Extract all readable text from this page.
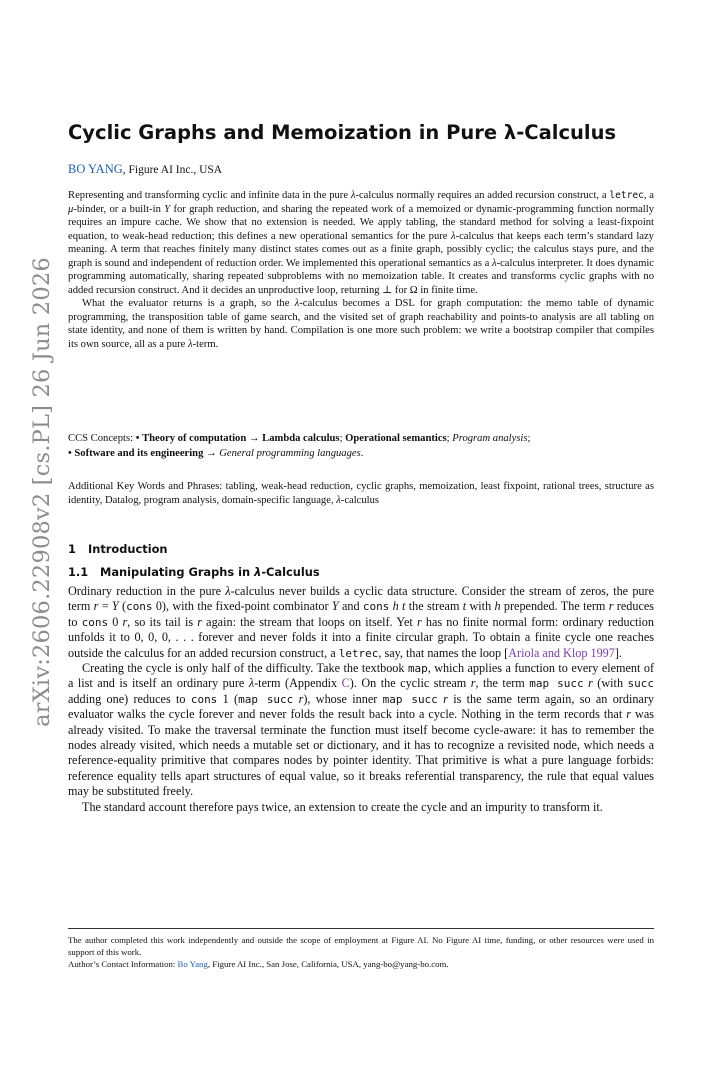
arXiv:2606.22908v2 [cs.PL] 26 Jun 2026
Cyclic Graphs and Memoization in Pure λ-Calculus
BO YANG, Figure AI Inc., USA

Representing and transforming cyclic and infinite data in the pure λ-calculus normally requires an added recursion construct, a letrec, a μ-binder, or a built-in Y for graph reduction, and sharing the repeated work of a memoized or dynamic-programming function normally requires an impure cache. We show that no extension is needed. We apply tabling, the standard method for solving a least-fixpoint equation, to weak-head reduction; this defines a new operational semantics for the pure λ-calculus that keeps each term’s standard lazy meaning. A term that reaches finitely many distinct states comes out as a finite graph, possibly cyclic; the calculus stays pure, and the graph is sound and independent of reduction order. We implemented this operational semantics as a λ-calculus interpreter. It does dynamic programming automatically, sharing repeated subproblems with no memoization table. It creates and transforms cyclic graphs with no added recursion construct. And it decides an unproductive loop, returning ⊥ for Ω in finite time.

What the evaluator returns is a graph, so the λ-calculus becomes a DSL for graph computation: the memo table of dynamic programming, the transposition table of game search, and the visited set of graph reachability and points-to analysis are all tabling on state identity, and none of them is written by hand. Compilation is one more such problem: we write a bootstrap compiler that compiles its own source, all as a pure λ-term.

CCS Concepts: • Theory of computation → Lambda calculus; Operational semantics; Program analysis;
• Software and its engineering → General programming languages.
Additional Key Words and Phrases: tabling, weak-head reduction, cyclic graphs, memoization, least fixpoint, rational trees, structure as identity, Datalog, program analysis, domain-specific language, λ-calculus
1 Introduction
1.1 Manipulating Graphs in λ-Calculus

Ordinary reduction in the pure λ-calculus never builds a cyclic data structure. Consider the stream of zeros, the pure term r = Y (cons 0), with the fixed-point combinator Y and cons h t the stream t with h prepended. The term r reduces to cons 0 r, so its tail is r again: the stream that loops on itself. Yet r has no finite normal form: ordinary reduction unfolds it to 0, 0, 0, . . . forever and never folds it into a finite circular graph. To obtain a finite cycle one reaches outside the calculus for an added recursion construct, a letrec, say, that names the loop [Ariola and Klop 1997].

Creating the cycle is only half of the difficulty. Take the textbook map, which applies a function to every element of a list and is itself an ordinary pure λ-term (Appendix C). On the cyclic stream r, the term map succ r (with succ adding one) reduces to cons 1 (map succ r), whose inner map succ r is the same term again, so an ordinary evaluator walks the cycle forever and never folds the result back into a cycle. Nothing in the term records that r was already visited. To make the traversal terminate the function must itself become cycle-aware: it has to remember the nodes already visited, which needs a mutable set or dictionary, and it has to recognize a revisited node, which needs a reference-equality primitive that compares nodes by pointer identity. That primitive is what a pure language forbids: reference equality tells apart structures of equal value, so it breaks referential transparency, the rule that equal values may be substituted freely.

The standard account therefore pays twice, an extension to create the cycle and an impurity to transform it.

The author completed this work independently and outside the scope of employment at Figure AI. No Figure AI time, funding, or other resources were used in support of this work.

Author’s Contact Information: Bo Yang, Figure AI Inc., San Jose, California, USA, yang-bo@yang-bo.com.
